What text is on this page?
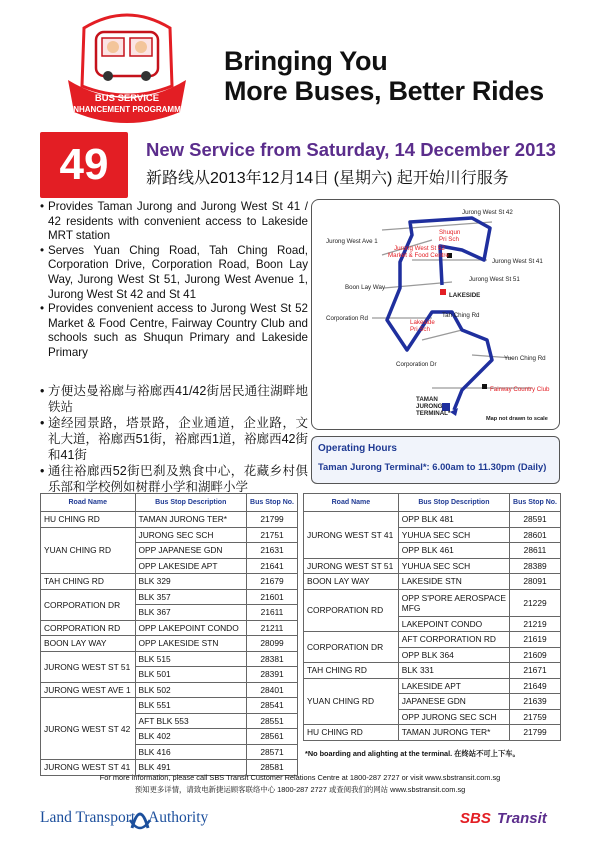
BUS SERVICE
ENHANCEMENT PROGRAMME
Bringing You
More Buses, Better Rides
49	New Service from Saturday, 14 December 2013
新路线从2013年12月14日 (星期六) 起开始川行服务
• Provides Taman Jurong and Jurong West St 41 / 42 residents with convenient access to Lakeside MRT station
• Serves Yuan Ching Road, Tah Ching Road, Corporation Drive, Corporation Road, Boon Lay Way, Jurong West St 51, Jurong West Avenue 1, Jurong West St 42 and St 41
• Provides convenient access to Jurong West St 52 Market & Food Centre, Fairway Country Club and schools such as Shuqun Primary and Lakeside Primary
• 方便达曼裕廊与裕廊西41/42街居民通往湖畔地铁站
• 途经园景路，塔景路，企业通道，企业路，文礼大道，裕廊西51街，裕廊西1道，裕廊西42街和41街
• 通往裕廊西52街巴刹及熟食中心，花藏乡村俱乐部和学校例如树群小学和湖畔小学
Jurong West St 42
Jurong West Ave 1
Shuqun
Pri Sch
Jurong West St 52
Market & Food Centre
Jurong West St 41
Jurong West St 51
Boon Lay Way
LAKESIDE
Corporation Rd
Lakeside
Pri Sch
Tah Ching Rd
Yuen Ching Rd
Corporation Dr
Fairway Country Club
TAMAN
JURONG
TERMINAL*
Map not drawn to scale
Operating Hours
Taman Jurong Terminal*: 6.00am to 11.30pm (Daily)
Road Name	Bus Stop Description	Bus Stop No.
HU CHING RD	TAMAN JURONG TER*	21799
YUAN CHING RD	JURONG SEC SCH	21751
	OPP JAPANESE GDN	21631
	OPP LAKESIDE APT	21641
TAH CHING RD	BLK 329	21679
CORPORATION DR	BLK 357	21601
	BLK 367	21611
CORPORATION RD	OPP LAKEPOINT CONDO	21211
BOON LAY WAY	OPP LAKESIDE STN	28099
JURONG WEST ST 51	BLK 515	28381
	BLK 501	28391
JURONG WEST AVE 1	BLK 502	28401
JURONG WEST ST 42	BLK 551	28541
	AFT BLK 553	28551
	BLK 402	28561
	BLK 416	28571
JURONG WEST ST 41	BLK 491	28581
Road Name	Bus Stop Description	Bus Stop No.
JURONG WEST ST 41	OPP BLK 481	28591
	YUHUA SEC SCH	28601
	OPP BLK 461	28611
JURONG WEST ST 51	YUHUA SEC SCH	28389
BOON LAY WAY	LAKESIDE STN	28091
CORPORATION RD	OPP S'PORE AEROSPACE MFG	21229
	LAKEPOINT CONDO	21219
CORPORATION DR	AFT CORPORATION RD	21619
	OPP BLK 364	21609
TAH CHING RD	BLK 331	21671
YUAN CHING RD	LAKESIDE APT	21649
	JAPANESE GDN	21639
	OPP JURONG SEC SCH	21759
HU CHING RD	TAMAN JURONG TER*	21799
*No boarding and alighting at the terminal. 在终站不可上下车。
For more information, please call SBS Transit Customer Relations Centre at 1800-287 2727 or visit www.sbstransit.com.sg
预知更多详情，请致电新捷运顾客联络中心 1800-287 2727 或查阅我们的网站 www.sbstransit.com.sg
Land Transport Authority	SBS Transit
